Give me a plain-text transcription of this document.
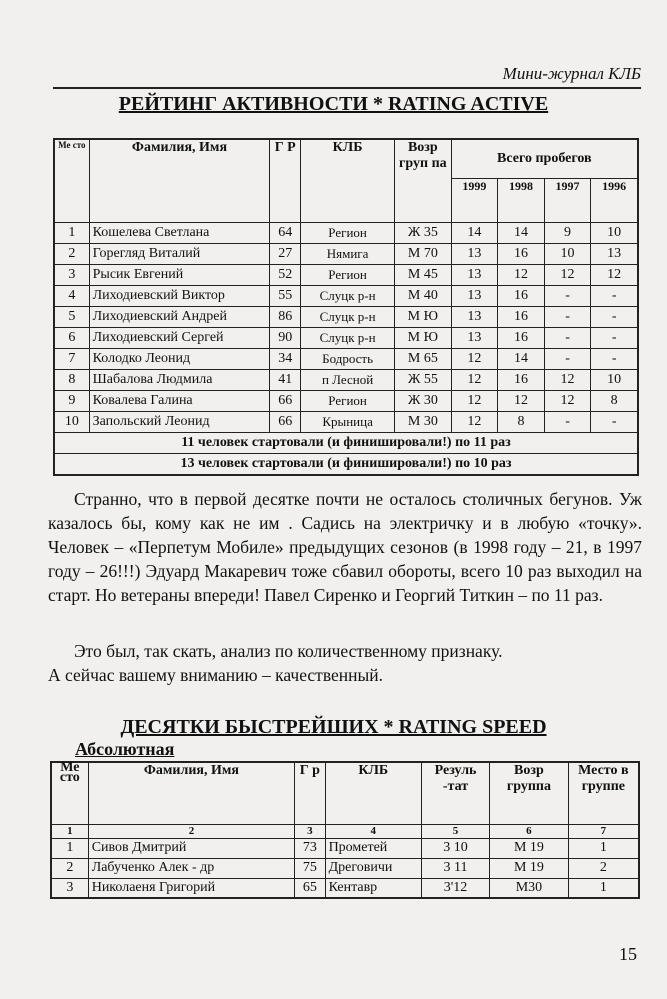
Мини-журнал КЛБ
РЕЙТИНГ АКТИВНОСТИ * RATING ACTIVE
Ме сто	Фамилия, Имя	Г Р	КЛБ	Возр груп па	Всего пробегов			
					1999	1998	1997	1996
1	Кошелева Светлана	64	Регион	Ж 35	14	14	9	10
2	Горегляд Виталий	27	Нямига	М 70	13	16	10	13
3	Рысик Евгений	52	Регион	М 45	13	12	12	12
4	Лиходиевский Виктор	55	Слуцк р-н	М 40	13	16	-	-
5	Лиходиевский Андрей	86	Слуцк р-н	М Ю	13	16	-	-
6	Лиходиевский Сергей	90	Слуцк р-н	М Ю	13	16	-	-
7	Колодко Леонид	34	Бодрость	М 65	12	14	-	-
8	Шабалова Людмила	41	п Лесной	Ж 55	12	16	12	10
9	Ковалева Галина	66	Регион	Ж 30	12	12	12	8
10	Запольский Леонид	66	Крыница	М 30	12	8	-	-
11 человек стартовали (и финишировали!) по 11 раз								
13 человек стартовали (и финишировали!) по 10 раз								
Странно, что в первой десятке почти не осталось столичных бегунов. Уж казалось бы, кому как не им . Садись на электричку и в любую «точку». Человек – «Перпетум Мобиле» предыдущих сезонов (в 1998 году – 21, в 1997 году – 26!!!) Эдуард Макаревич тоже сбавил обороты, всего 10 раз выходил на старт. Но ветераны впереди! Павел Сиренко и Георгий Титкин – по 11 раз.
Это был, так скать, анализ по количественному признаку.
А сейчас вашему вниманию – качественный.
ДЕСЯТКИ БЫСТРЕЙШИХ * RATING SPEED
Абсолютная
Ме сто	Фамилия, Имя	Г р	КЛБ	Резуль -тат	Возр группа	Место в группе
1	2	3	4	5	6	7
1	Сивов Дмитрий	73	Прометей	3 10	М 19	1
2	Лабученко Алек - др	75	Дреговичи	3 11	М 19	2
3	Николаеня Григорий	65	Кентавр	3'12	М30	1
15
